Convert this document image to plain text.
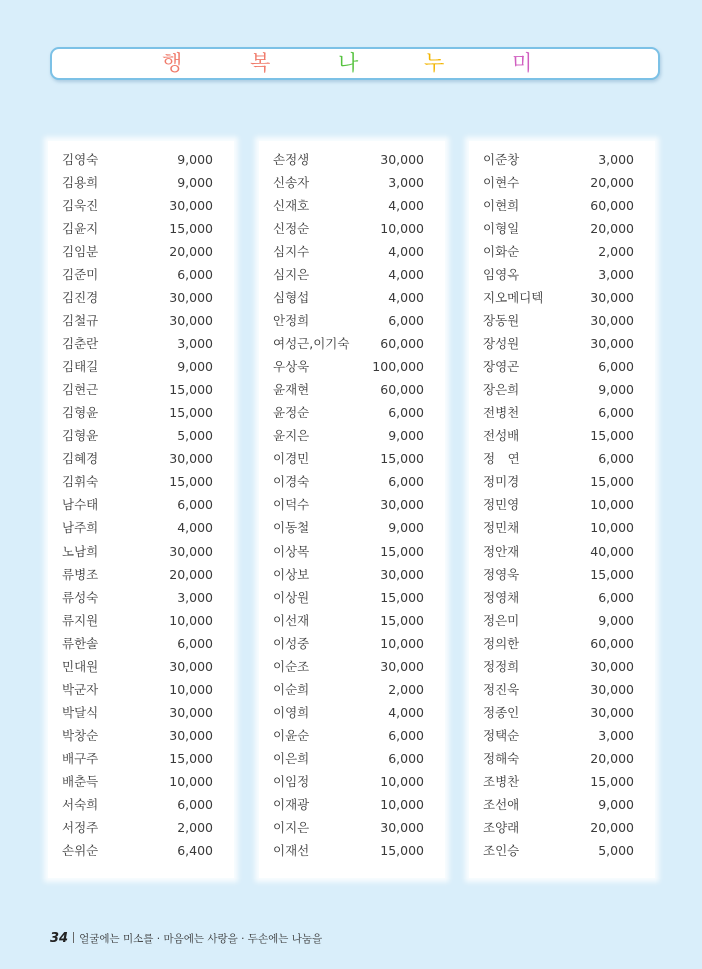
행	복	나	누	미
김영숙	9,000
김용희	9,000
김욱진	30,000
김윤지	15,000
김임분	20,000
김준미	6,000
김진경	30,000
김철규	30,000
김춘란	3,000
김태길	9,000
김현근	15,000
김형윤	15,000
김형윤	5,000
김혜경	30,000
김휘숙	15,000
남수태	6,000
남주희	4,000
노남희	30,000
류병조	20,000
류성숙	3,000
류지원	10,000
류한솔	6,000
민대원	30,000
박군자	10,000
박달식	30,000
박창순	30,000
배구주	15,000
배춘득	10,000
서숙희	6,000
서정주	2,000
손위순	6,400
손정생	30,000
신송자	3,000
신재호	4,000
신정순	10,000
심지수	4,000
심지은	4,000
심형섭	4,000
안정희	6,000
여성근,이기숙 60,000
우상욱	100,000
윤재현	60,000
윤정순	6,000
윤지은	9,000
이경민	15,000
이경숙	6,000
이덕수	30,000
이동철	9,000
이상목	15,000
이상보	30,000
이상원	15,000
이선재	15,000
이성중	10,000
이순조	30,000
이순희	2,000
이영희	4,000
이윤순	6,000
이은희	6,000
이임정	10,000
이재광	10,000
이지은	30,000
이재선	15,000
이준창	3,000
이현수	20,000
이현희	60,000
이형일	20,000
이화순	2,000
임영옥	3,000
지오메디텍	30,000
장동원	30,000
장성원	30,000
장영곤	6,000
장은희	9,000
전병천	6,000
전성배	15,000
정　연	6,000
정미경	15,000
정민영	10,000
정민채	10,000
정안재	40,000
정영욱	15,000
정영채	6,000
정은미	9,000
정의한	60,000
정정희	30,000
정진욱	30,000
정종인	30,000
정택순	3,000
정해숙	20,000
조병찬	15,000
조선애	9,000
조양래	20,000
조인승	5,000
34 얼굴에는 미소를 · 마음에는 사랑을 · 두손에는 나눔을
